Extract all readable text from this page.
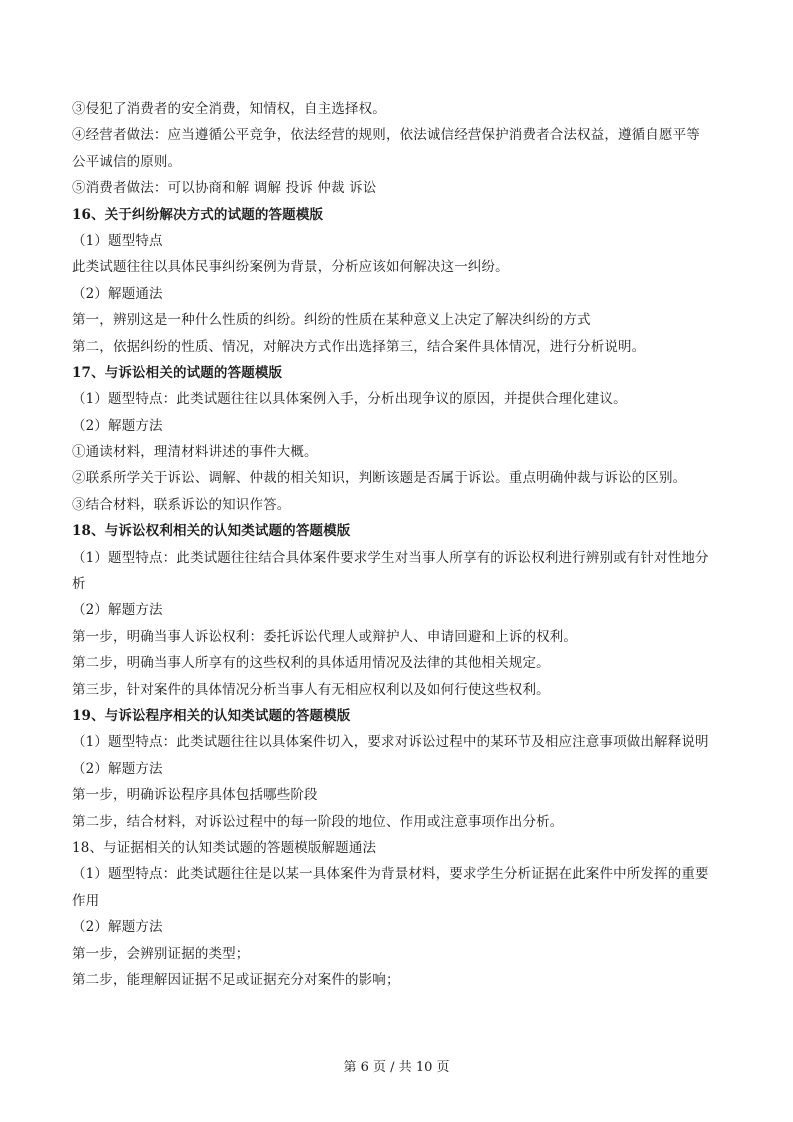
③侵犯了消费者的安全消费，知情权，自主选择权。
④经营者做法：应当遵循公平竞争，依法经营的规则，依法诚信经营保护消费者合法权益，遵循自愿平等
公平诚信的原则。
⑤消费者做法：可以协商和解 调解 投诉 仲裁 诉讼
16、关于纠纷解决方式的试题的答题模版
（1）题型特点
此类试题往往以具体民事纠纷案例为背景，分析应该如何解决这一纠纷。
（2）解题通法
第一，辨别这是一种什么性质的纠纷。纠纷的性质在某种意义上决定了解决纠纷的方式
第二，依据纠纷的性质、情况，对解决方式作出选择第三，结合案件具体情况，进行分析说明。
17、与诉讼相关的试题的答题模版
（1）题型特点：此类试题往往以具体案例入手，分析出现争议的原因，并提供合理化建议。
（2）解题方法
①通读材料，理清材料讲述的事件大概。
②联系所学关于诉讼、调解、仲裁的相关知识，判断该题是否属于诉讼。重点明确仲裁与诉讼的区别。
③结合材料，联系诉讼的知识作答。
18、与诉讼权利相关的认知类试题的答题模版
（1）题型特点：此类试题往往结合具体案件要求学生对当事人所享有的诉讼权利进行辨别或有针对性地分
析
（2）解题方法
第一步，明确当事人诉讼权利：委托诉讼代理人或辩护人、申请回避和上诉的权利。
第二步，明确当事人所享有的这些权利的具体适用情况及法律的其他相关规定。
第三步，针对案件的具体情况分析当事人有无相应权利以及如何行使这些权利。
19、与诉讼程序相关的认知类试题的答题模版
（1）题型特点：此类试题往往以具体案件切入，要求对诉讼过程中的某环节及相应注意事项做出解释说明
（2）解题方法
第一步，明确诉讼程序具体包括哪些阶段
第二步，结合材料，对诉讼过程中的每一阶段的地位、作用或注意事项作出分析。
18、与证据相关的认知类试题的答题模版解题通法
（1）题型特点：此类试题往往是以某一具体案件为背景材料，要求学生分析证据在此案件中所发挥的重要
作用
（2）解题方法
第一步，会辨别证据的类型；
第二步，能理解因证据不足或证据充分对案件的影响；
第 6 页 / 共 10 页
